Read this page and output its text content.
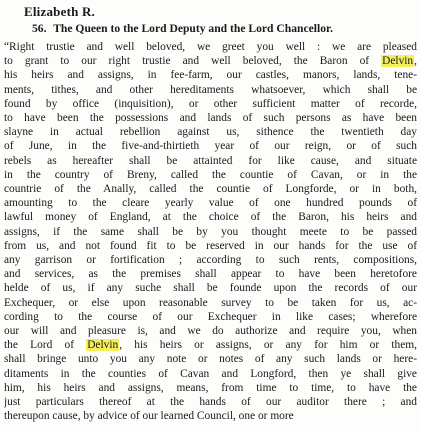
Elizabeth R.
56. The Queen to the Lord Deputy and the Lord Chancellor.
“Right trustie and well beloved, we greet you well : we are pleased
to grant to our right trustie and well beloved, the Baron of Delvin,
his heirs and assigns, in fee-farm, our castles, manors, lands, tene-
ments, tithes, and other hereditaments whatsoever, which shall be
found by office (inquisition), or other sufficient matter of recorde,
to have been the possessions and lands of such persons as have been
slayne in actual rebellion against us, sithence the twentieth day
of June, in the five-and-thirtieth year of our reign, or of such
rebels as hereafter shall be attainted for like cause, and situate
in the country of Breny, called the countie of Cavan, or in the
countrie of the Anally, called the countie of Longforde, or in both,
amounting to the cleare yearly value of one hundred pounds of
lawful money of England, at the choice of the Baron, his heirs and
assigns, if the same shall be by you thought meete to be passed
from us, and not found fit to be reserved in our hands for the use of
any garrison or fortification ; according to such rents, compositions,
and services, as the premises shall appear to have been heretofore
helde of us, if any suche shall be founde upon the records of our
Exchequer, or else upon reasonable survey to be taken for us, ac-
cording to the course of our Exchequer in like cases; wherefore
our will and pleasure is, and we do authorize and require you, when
the Lord of Delvin, his heirs or assigns, or any for him or them,
shall bringe unto you any note or notes of any such lands or here-
ditaments in the counties of Cavan and Longford, then ye shall give
him, his heirs and assigns, means, from time to time, to have the
just particulars thereof at the hands of our auditor there ; and
thereupon cause, by advice of our learned Council, one or more
